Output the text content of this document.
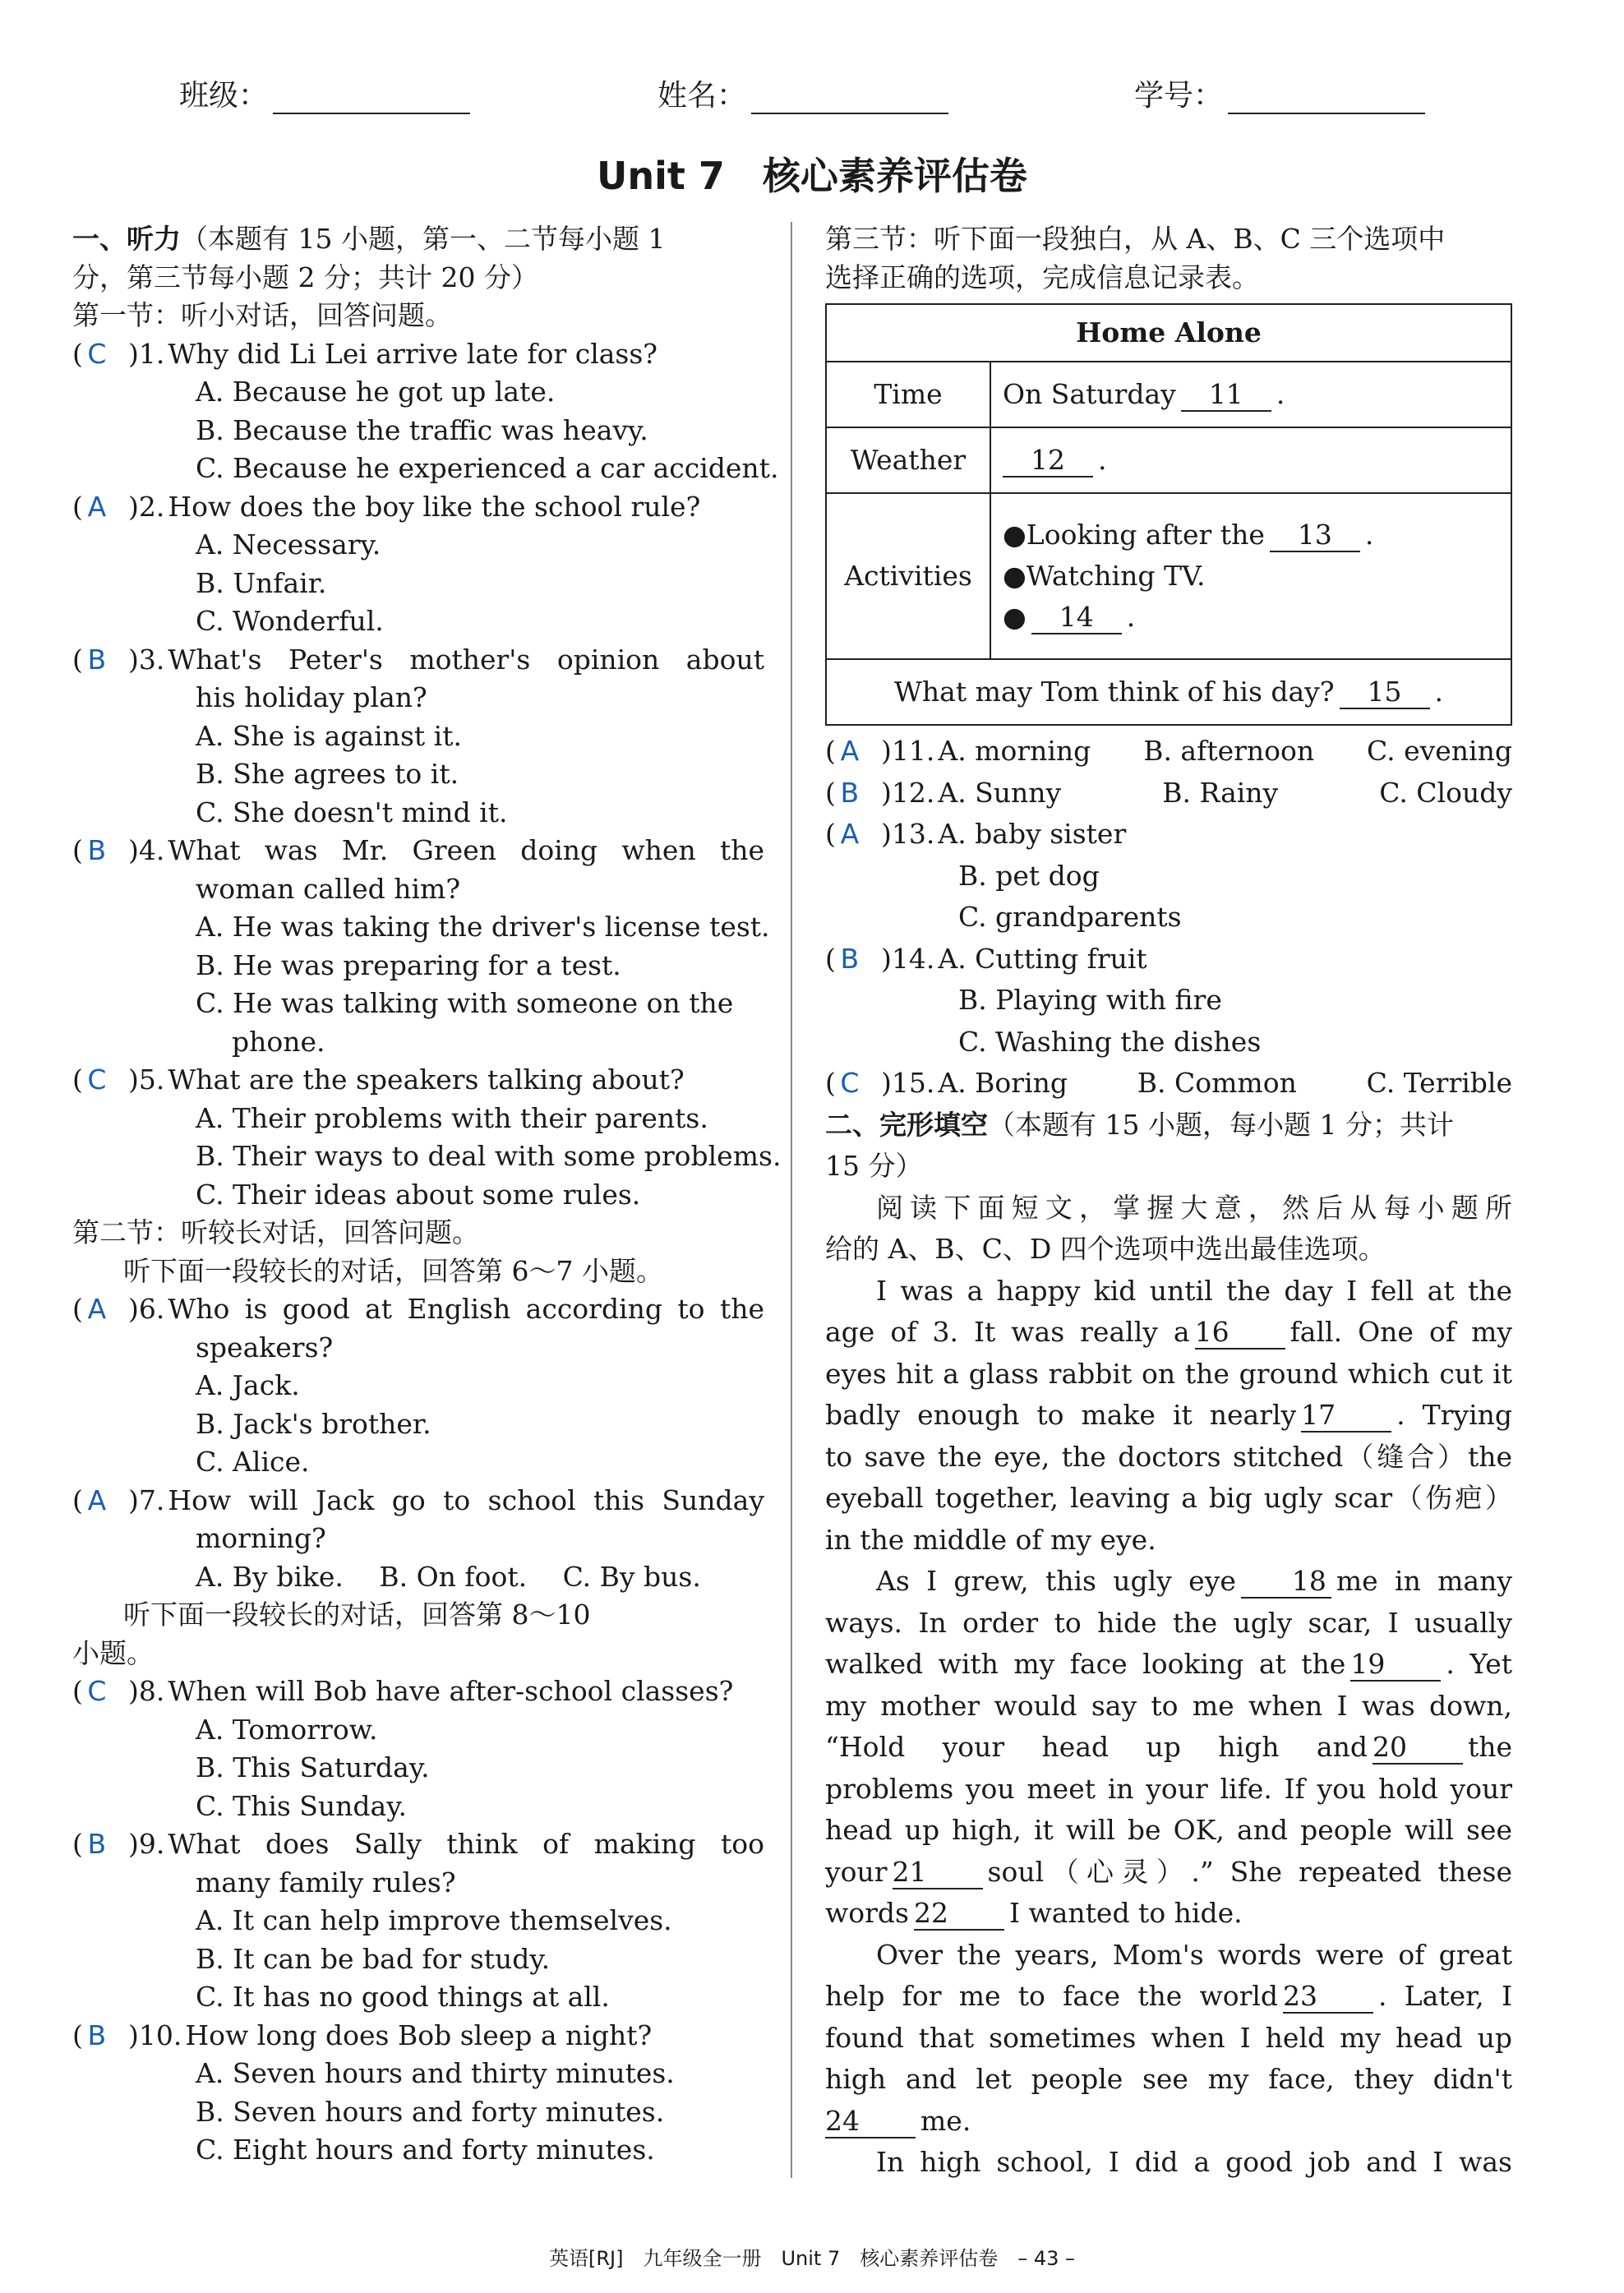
班级：	姓名：	学号：
Unit 7　核心素养评估卷
一、听力（本题有 15 小题，第一、二节每小题 1
分，第三节每小题 2 分；共计 20 分）
第一节：听小对话，回答问题。
( C )1. Why did Li Lei arrive late for class?
A. Because he got up late.
B. Because the traffic was heavy.
C. Because he experienced a car accident.
( A )2. How does the boy like the school rule?
A. Necessary.
B. Unfair.
C. Wonderful.
( B )3. What's Peter's mother's opinion about
his holiday plan?
A. She is against it.
B. She agrees to it.
C. She doesn't mind it.
( B )4. What was Mr. Green doing when the
woman called him?
A. He was taking the driver's license test.
B. He was preparing for a test.
C. He was talking with someone on the
phone.
( C )5. What are the speakers talking about?
A. Their problems with their parents.
B. Their ways to deal with some problems.
C. Their ideas about some rules.
第二节：听较长对话，回答问题。
听下面一段较长的对话，回答第 6～7 小题。
( A )6. Who is good at English according to the
speakers?
A. Jack.
B. Jack's brother.
C. Alice.
( A )7. How will Jack go to school this Sunday
morning?
A. By bike.　 B. On foot.　 C. By bus.
听下面一段较长的对话，回答第 8～10
小题。
( C )8. When will Bob have after-school classes?
A. Tomorrow.
B. This Saturday.
C. This Sunday.
( B )9. What does Sally think of making too
many family rules?
A. It can help improve themselves.
B. It can be bad for study.
C. It has no good things at all.
( B )10. How long does Bob sleep a night?
A. Seven hours and thirty minutes.
B. Seven hours and forty minutes.
C. Eight hours and forty minutes.
第三节：听下面一段独白，从 A、B、C 三个选项中
选择正确的选项，完成信息记录表。
Home Alone	
Time	On Saturday 11 .
Weather	12 .
Activities	●Looking after the 13 .
●Watching TV.
● 14 .

What may Tom think of his day? 15 .	
( A )11. A. morning B. afternoon C. evening
( B )12. A. Sunny	B. Rainy	C. Cloudy
( A )13. A. baby sister
B. pet dog
C. grandparents
( B )14. A. Cutting fruit
B. Playing with fire
C. Washing the dishes
( C )15. A. Boring	B. Common	C. Terrible
二、完形填空（本题有 15 小题，每小题 1 分；共计
15 分）
阅读下面短文，掌握大意，然后从每小题所
给的 A、B、C、D 四个选项中选出最佳选项。
I was a happy kid until the day I fell at the
age of 3. It was really a 16 fall. One of my
eyes hit a glass rabbit on the ground which cut it
badly enough to make it nearly 17 . Trying
to save the eye, the doctors stitched（缝合）the
eyeball together, leaving a big ugly scar（伤疤）
in the middle of my eye.
As I grew, this ugly eye 18 me in many
ways. In order to hide the ugly scar, I usually
walked with my face looking at the 19 . Yet
my mother would say to me when I was down,
“Hold your head up high and 20 the
problems you meet in your life. If you hold your
head up high, it will be OK, and people will see
your 21 soul（心灵）.” She repeated these
words 22 I wanted to hide.
Over the years, Mom's words were of great
help for me to face the world 23 . Later, I
found that sometimes when I held my head up
high and let people see my face, they didn't
24 me.
In high school, I did a good job and I was
英语[RJ]　九年级全一册　Unit 7　核心素养评估卷　– 43 –
